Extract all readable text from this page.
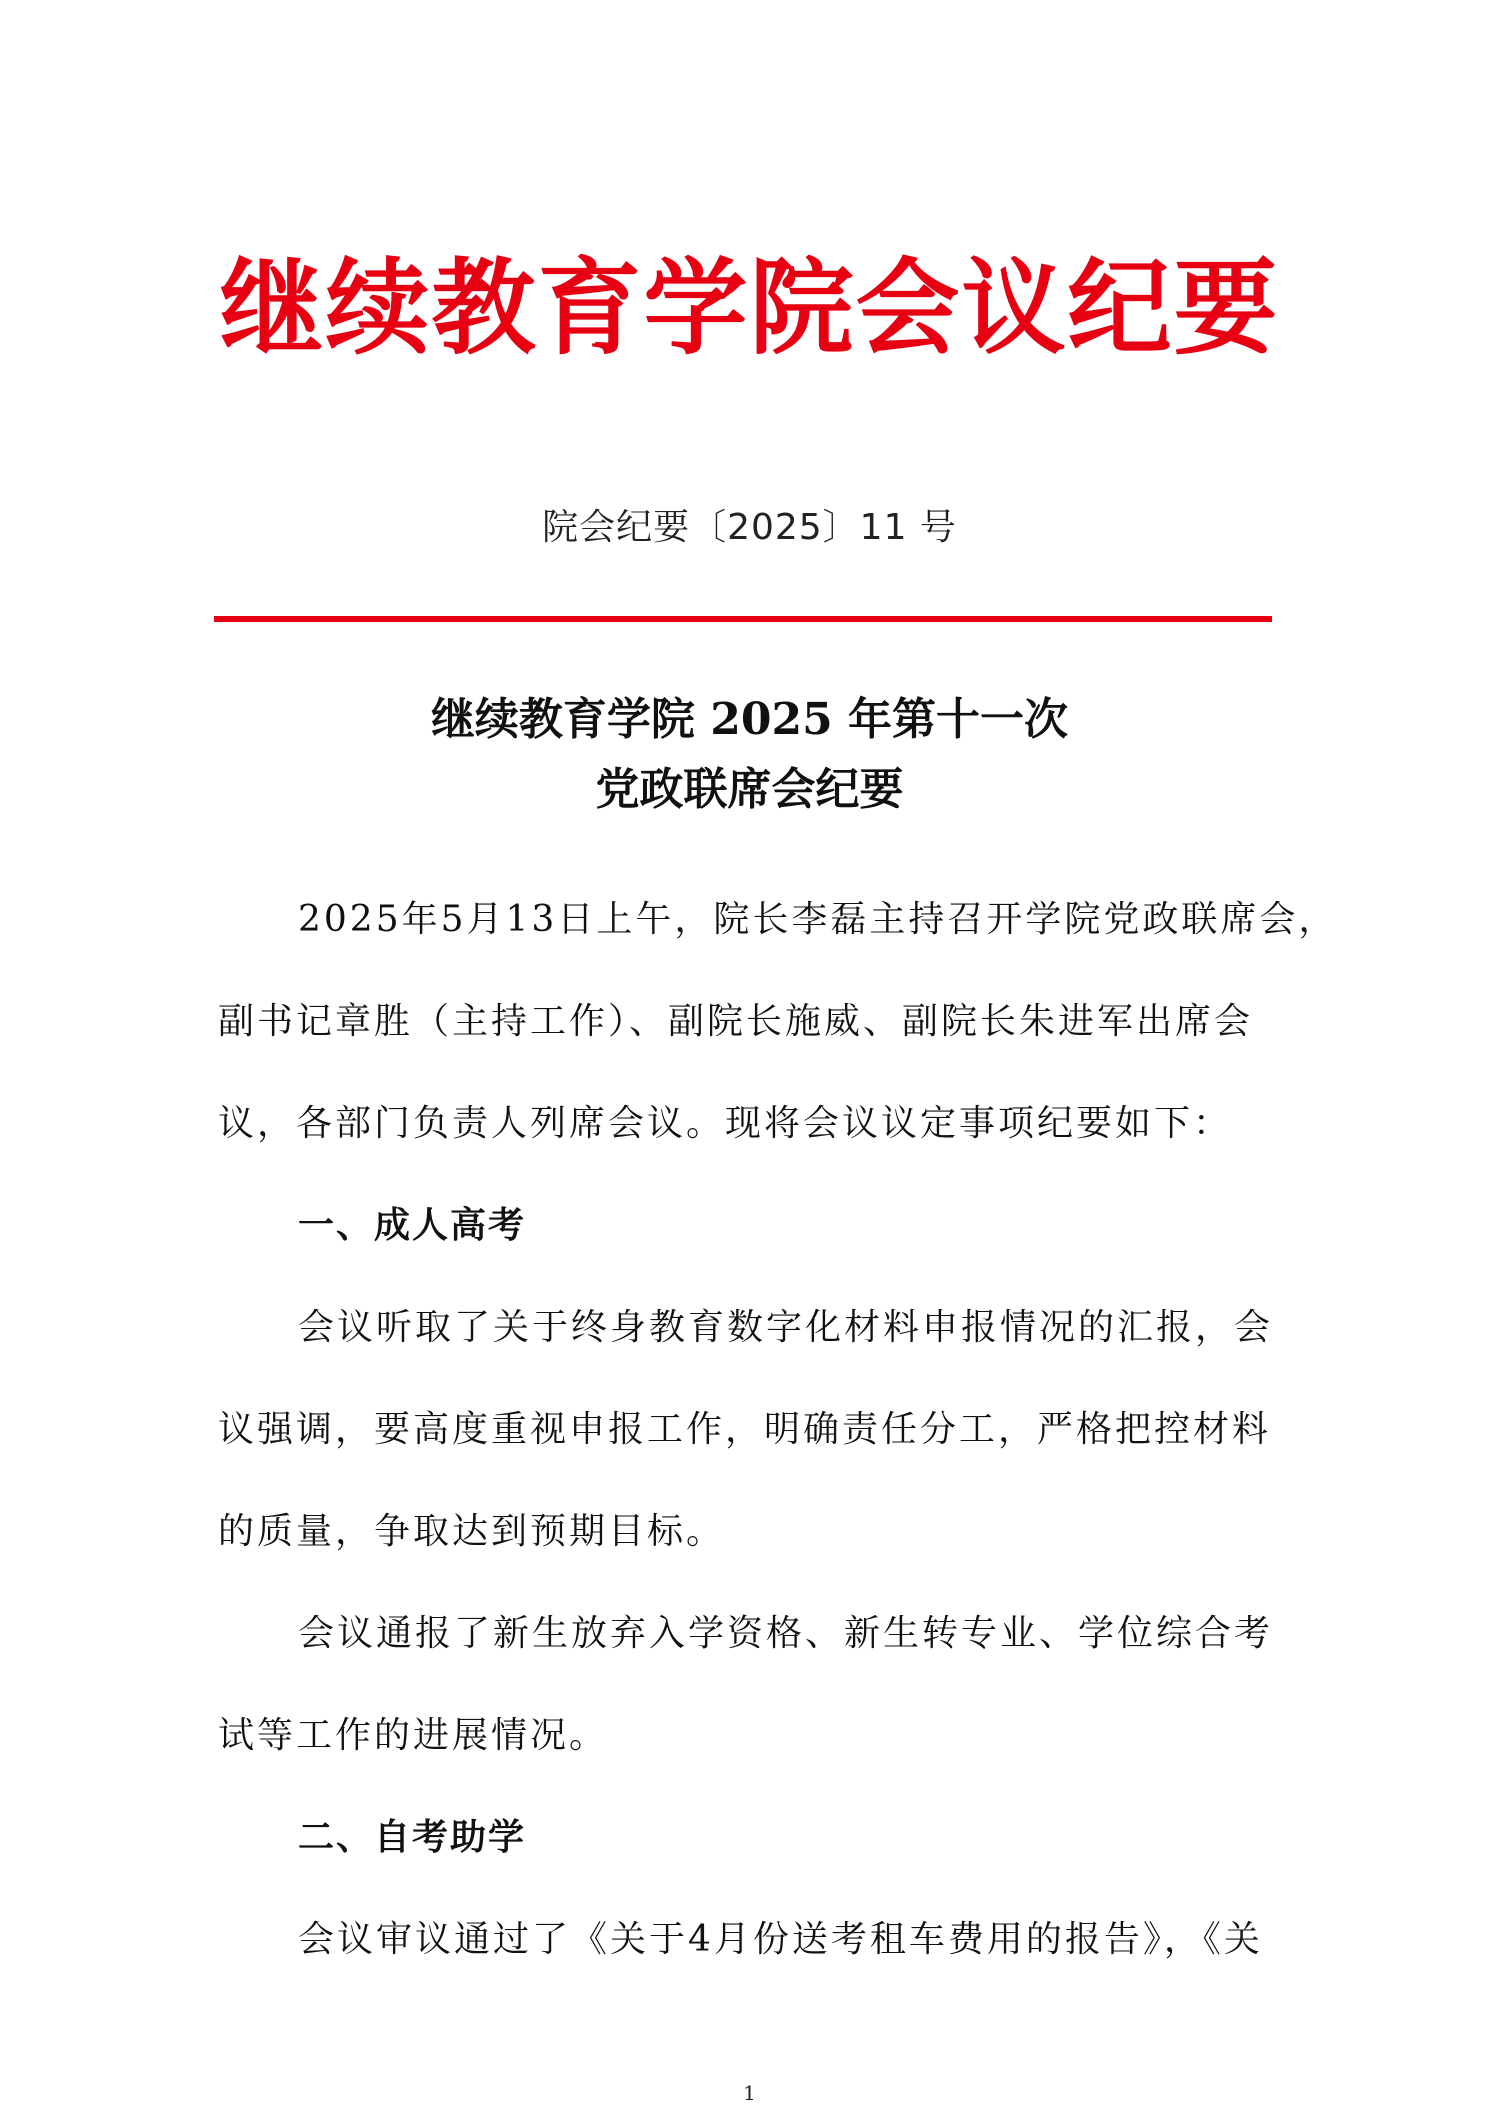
继续教育学院会议纪要
院会纪要〔2025〕11 号
继续教育学院 2025 年第十一次
党政联席会纪要
2025年5月13日上午，院长李磊主持召开学院党政联席会，
副书记章胜（主持工作）、副院长施威、副院长朱进军出席会
议，各部门负责人列席会议。现将会议议定事项纪要如下：
一、成人高考
会议听取了关于终身教育数字化材料申报情况的汇报，会
议强调，要高度重视申报工作，明确责任分工，严格把控材料
的质量，争取达到预期目标。
会议通报了新生放弃入学资格、新生转专业、学位综合考
试等工作的进展情况。
二、自考助学
会议审议通过了《关于4月份送考租车费用的报告》，《关
1
